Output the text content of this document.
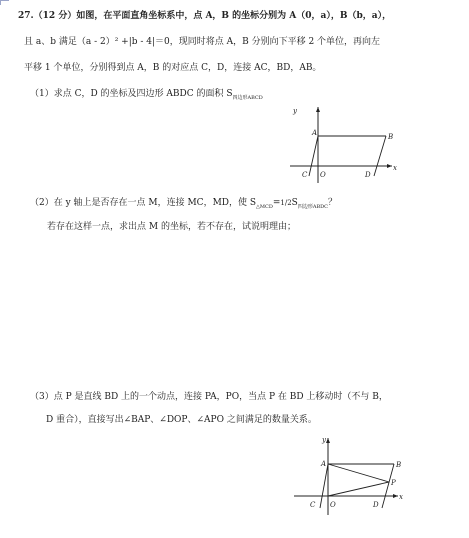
27.（12 分）如图，在平面直角坐标系中，点 A，B 的坐标分别为 A（0，a），B（b，a），
且 a、b 满足（a - 2）² +|b - 4|＝0，现同时将点 A，B 分别向下平移 2 个单位，再向左
平移 1 个单位，分别得到点 A，B 的对应点 C，D，连接 AC，BD，AB。
（1）求点 C，D 的坐标及四边形 ABDC 的面积 $S_{四边形ABCD}$
y
A	B
C O	D
x
（2）在 y 轴上是否存在一点 M，连接 MC，MD，使 $S_{\triangle MCD}=1/2S_{四边形ABDC}$？
若存在这样一点，求出点 M 的坐标，若不存在，试说明理由；
（3）点 P 是直线 BD 上的一个动点，连接 PA，PO，当点 P 在 BD 上移动时（不与 B，
D 重合），直接写出∠BAP、∠DOP、∠APO 之间满足的数量关系。
y
A	B
P
C O	D
x
